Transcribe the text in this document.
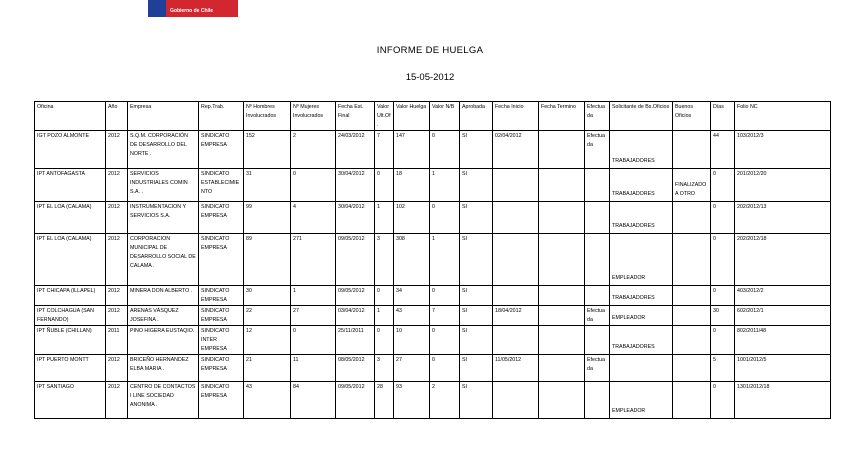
Gobierno de Chile
INFORME DE HUELGA
15-05-2012
Oficina	Año	Empresa	Rep.Trab.	Nº Hombres Involucrados	Nº Mujeres Involucrados	Fecha Est. Final	Valor Ult.Of.	Valor Huelga	Valor N/B	Aprobada	Fecha Inicio	Fecha Termino	Efectuada	Solicitante de Bs.Oficios	Buenos Oficios	Días	Folio NC
IGT POZO ALMONTE	2012	S.Q.M. CORPORACIÓN DE DESARROLLO DEL NORTE .	SINDICATO EMPRESA	152	2	24/03/2012	7	147	0	SI	02/04/2012		Efectuada	TRABAJADORES		44	103/2012/3
IPT ANTOFAGASTA	2012	SERVICIOS INDUSTRIALES COMIN S.A. .	SINDICATO ESTABLECIMIENTO	31	0	30/04/2012	0	18	1	SI				TRABAJADORES	FINALIZADO A OTRO	0	201/2012/20
IPT EL LOA (CALAMA)	2012	INSTRUMENTACION Y SERVICIOS S.A.	SINDICATO EMPRESA	99	4	30/04/2012	1	102	0	SI				TRABAJADORES		0	202/2012/13
IPT EL LOA (CALAMA)	2012	CORPORACION MUNICIPAL DE DESARROLLO SOCIAL DE CALAMA .	SINDICATO EMPRESA	89	271	09/05/2012	3	308	1	SI				EMPLEADOR		0	202/2012/18
IPT CHICAPA (ILLAPEL)	2012	MINERA DON ALBERTO .	SINDICATO EMPRESA	30	1	09/05/2012	0	34	0	SI				TRABAJADORES		0	403/2012/2
IPT COLCHAGUA (SAN FERNANDO)	2012	ARENAS VÁSQUEZ JOSEFINA .	SINDICATO EMPRESA	22	27	03/04/2012	1	43	7	SI	18/04/2012		Efectuada	EMPLEADOR		30	602/2012/1
IPT ÑUBLE (CHILLAN)	2011	PINO HIGERA EUSTAQIO.	SINDICATO INTER EMPRESA	12	0	25/11/2011	0	10	0	SI				TRABAJADORES		0	802/2011/48
IPT PUERTO MONTT	2012	BRICEÑO HERNANDEZ ELBA MARIA .	SINDICATO EMPRESA	21	11	08/05/2012	3	27	0	SI	11/05/2012		Efectuada			5	1001/2012/5
IPT SANTIAGO	2012	CENTRO DE CONTACTOS I LINE SOCIEDAD ANONIMA .	SINDICATO EMPRESA	43	84	09/05/2012	28	93	2	SI				EMPLEADOR		0	1301/2012/18
